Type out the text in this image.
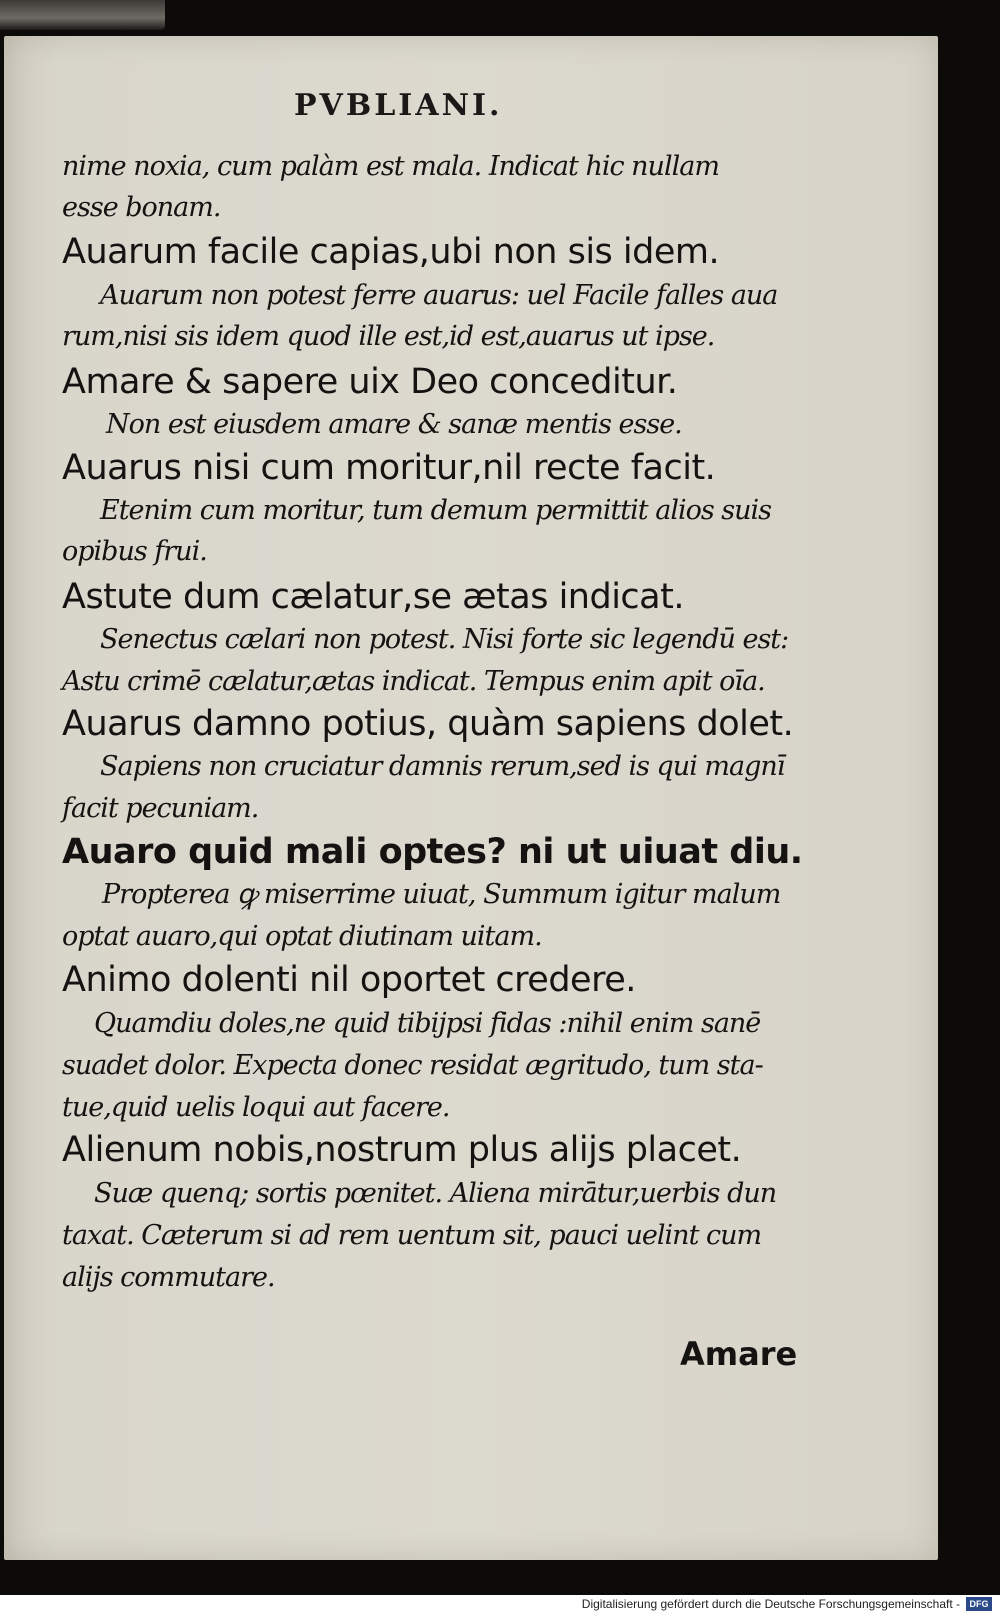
PVBLIANI.
nime noxia, cum palàm est mala. Indicat hic nullam
esse bonam.
Auarum facile capias,ubi non sis idem.
Auarum non potest ferre auarus: uel Facile falles aua
rum,nisi sis idem quod ille est,id est,auarus ut ipse.
Amare & sapere uix Deo conceditur.
Non est eiusdem amare & sanæ mentis esse.
Auarus nisi cum moritur,nil recte facit.
Etenim cum moritur, tum demum permittit alios suis
opibus frui.
Astute dum cælatur,se ætas indicat.
Senectus cælari non potest. Nisi forte sic legendū est:
Astu crimē cælatur,ætas indicat. Tempus enim apit oīa.
Auarus damno potius, quàm sapiens dolet.
Sapiens non cruciatur damnis rerum,sed is qui magnī
facit pecuniam.
Auaro quid mali optes? ni ut uiuat diu.
Propterea ꝙ miserrime uiuat, Summum igitur malum
optat auaro,qui optat diutinam uitam.
Animo dolenti nil oportet credere.
Quamdiu doles,ne quid tibijpsi fidas :nihil enim sanē
suadet dolor. Expecta donec residat ægritudo, tum sta-
tue,quid uelis loqui aut facere.
Alienum nobis,nostrum plus alijs placet.
Suæ quenq; sortis pœnitet. Aliena mirātur,uerbis dun
taxat. Cæterum si ad rem uentum sit, pauci uelint cum
alijs commutare.
Amare
Digitalisierung gefördert durch die Deutsche Forschungsgemeinschaft -	DFG
